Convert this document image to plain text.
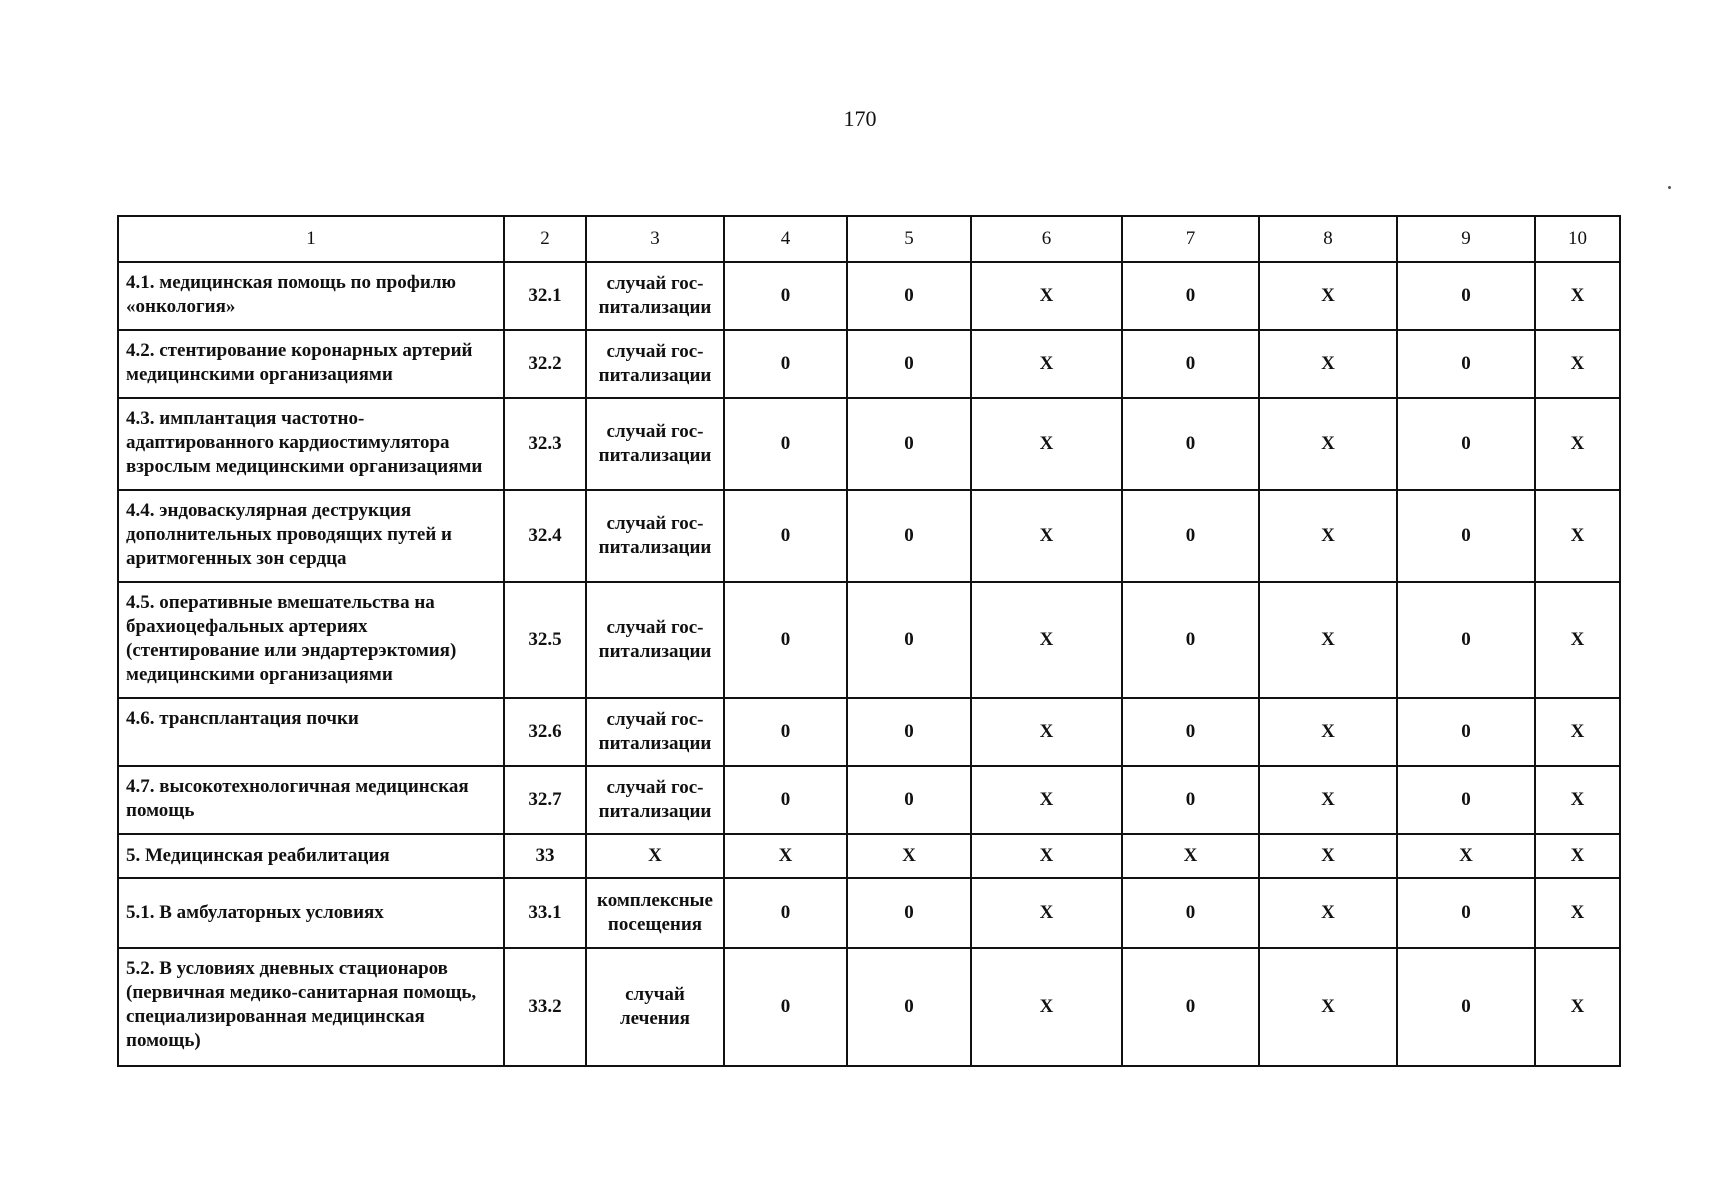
170
1	2	3	4	5	6	7	8	9	10
4.1. медицинская помощь по профилю «онкология»	32.1	случай гос-питализации	0	0	Х	0	Х	0	Х
4.2. стентирование коронарных артерий медицинскими организациями	32.2	случай гос-питализации	0	0	Х	0	Х	0	Х
4.3. имплантация частотно-адаптированного кардиостимулятора взрослым медицинскими организациями	32.3	случай гос-питализации	0	0	Х	0	Х	0	Х
4.4. эндоваскулярная деструкция дополнительных проводящих путей и аритмогенных зон сердца	32.4	случай гос-питализации	0	0	Х	0	Х	0	Х
4.5. оперативные вмешательства на брахиоцефальных артериях (стентирование или эндартерэктомия) медицинскими организациями	32.5	случай гос-питализации	0	0	Х	0	Х	0	Х
4.6. трансплантация почки	32.6	случай гос-питализации	0	0	Х	0	Х	0	Х
4.7. высокотехнологичная медицинская помощь	32.7	случай гос-питализации	0	0	Х	0	Х	0	Х
5. Медицинская реабилитация	33	Х	Х	Х	Х	Х	Х	Х	Х
5.1. В амбулаторных условиях	33.1	комплексные посещения	0	0	Х	0	Х	0	Х
5.2. В условиях дневных стационаров (первичная медико-санитарная помощь, специализированная медицинская помощь)	33.2	случай лечения	0	0	Х	0	Х	0	Х
